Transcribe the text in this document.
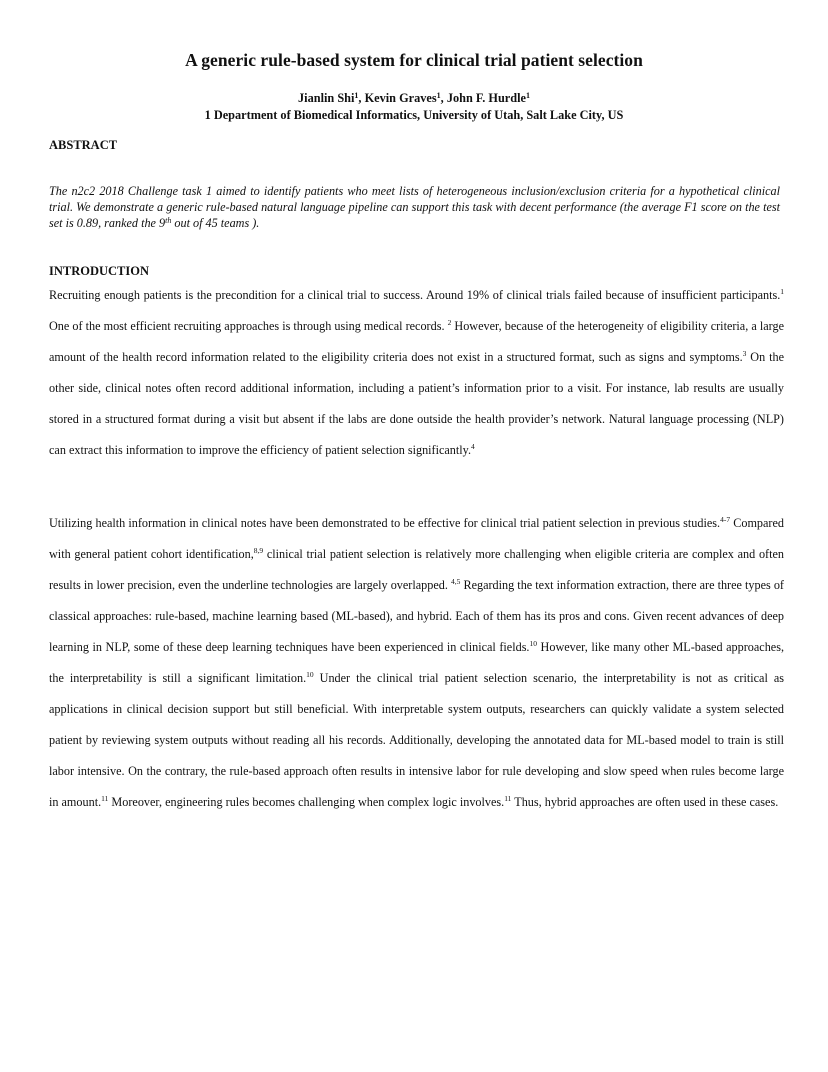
A generic rule-based system for clinical trial patient selection
Jianlin Shi$^1$, Kevin Graves$^1$, John F. Hurdle$^1$
1 Department of Biomedical Informatics, University of Utah, Salt Lake City, US
ABSTRACT
The n2c2 2018 Challenge task 1 aimed to identify patients who meet lists of heterogeneous inclusion/exclusion criteria for a hypothetical clinical trial. We demonstrate a generic rule-based natural language pipeline can support this task with decent performance (the average F1 score on the test set is 0.89, ranked the 9th out of 45 teams ).
INTRODUCTION
Recruiting enough patients is the precondition for a clinical trial to success. Around 19% of clinical trials failed because of insufficient participants.$^1$ One of the most efficient recruiting approaches is through using medical records. $^2$ However, because of the heterogeneity of eligibility criteria, a large amount of the health record information related to the eligibility criteria does not exist in a structured format, such as signs and symptoms.$^3$ On the other side, clinical notes often record additional information, including a patient’s information prior to a visit. For instance, lab results are usually stored in a structured format during a visit but absent if the labs are done outside the health provider’s network. Natural language processing (NLP) can extract this information to improve the efficiency of patient selection significantly.$^4$
Utilizing health information in clinical notes have been demonstrated to be effective for clinical trial patient selection in previous studies.$^{4-7}$ Compared with general patient cohort identification,$^{8,9}$ clinical trial patient selection is relatively more challenging when eligible criteria are complex and often results in lower precision, even the underline technologies are largely overlapped. $^{4,5}$ Regarding the text information extraction, there are three types of classical approaches: rule-based, machine learning based (ML-based), and hybrid. Each of them has its pros and cons. Given recent advances of deep learning in NLP, some of these deep learning techniques have been experienced in clinical fields.$^{10}$ However, like many other ML-based approaches, the interpretability is still a significant limitation.$^{10}$ Under the clinical trial patient selection scenario, the interpretability is not as critical as applications in clinical decision support but still beneficial. With interpretable system outputs, researchers can quickly validate a system selected patient by reviewing system outputs without reading all his records. Additionally, developing the annotated data for ML-based model to train is still labor intensive. On the contrary, the rule-based approach often results in intensive labor for rule developing and slow speed when rules become large in amount.$^{11}$ Moreover, engineering rules becomes challenging when complex logic involves.$^{11}$ Thus, hybrid approaches are often used in these cases.
